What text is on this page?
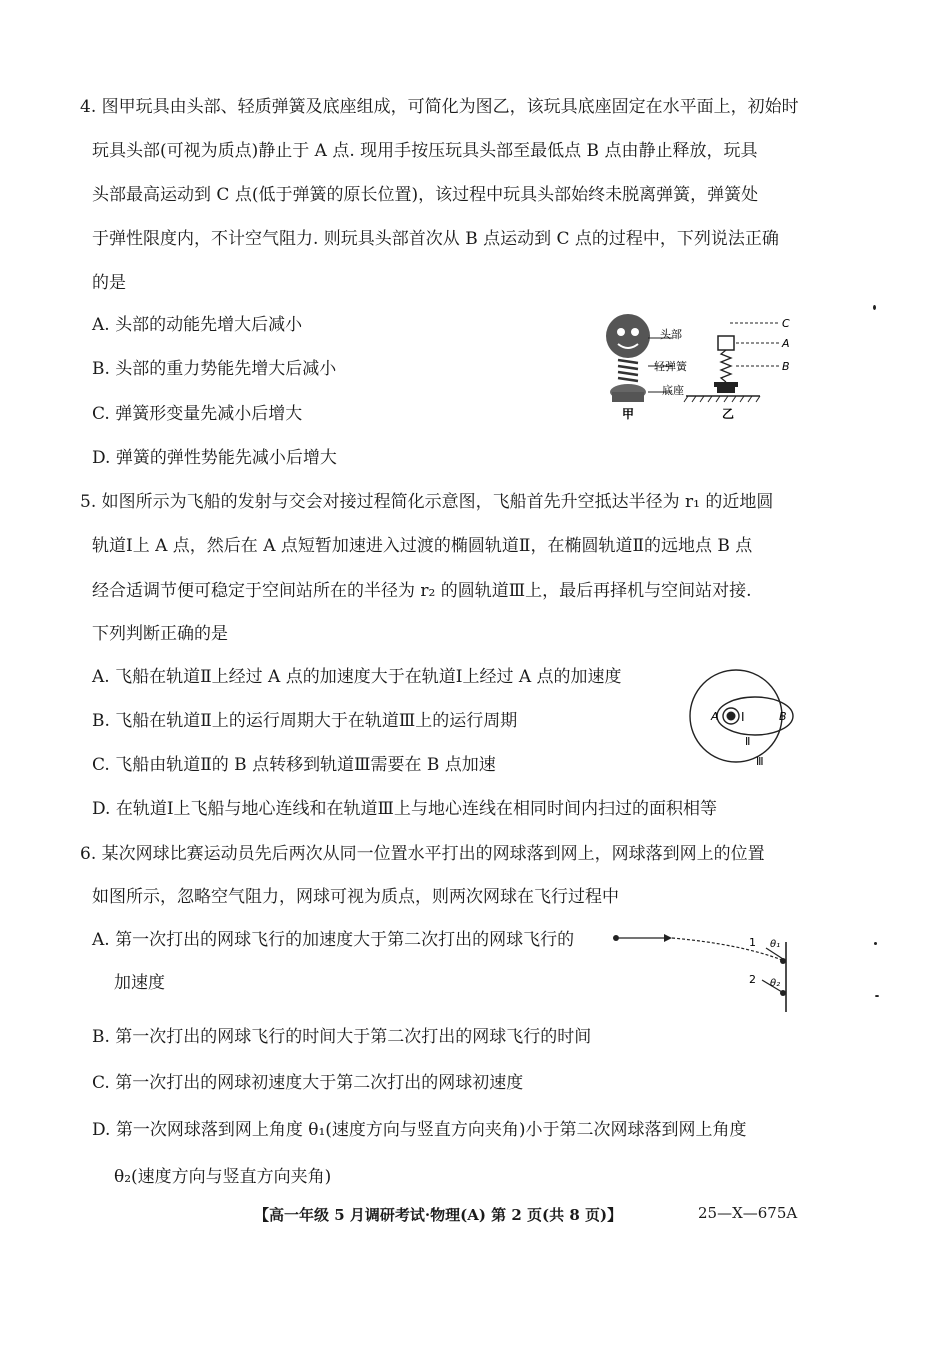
4. 图甲玩具由头部、轻质弹簧及底座组成，可简化为图乙，该玩具底座固定在水平面上，初始时
玩具头部(可视为质点)静止于 A 点. 现用手按压玩具头部至最低点 B 点由静止释放，玩具
头部最高运动到 C 点(低于弹簧的原长位置)，该过程中玩具头部始终未脱离弹簧，弹簧处
于弹性限度内，不计空气阻力. 则玩具头部首次从 B 点运动到 C 点的过程中，下列说法正确
的是
A. 头部的动能先增大后减小
B. 头部的重力势能先增大后减小
C. 弹簧形变量先减小后增大
D. 弹簧的弹性势能先减小后增大
头部
轻弹簧
底座
甲
C
A
B
乙
5. 如图所示为飞船的发射与交会对接过程简化示意图，飞船首先升空抵达半径为 r₁ 的近地圆
轨道Ⅰ上 A 点，然后在 A 点短暂加速进入过渡的椭圆轨道Ⅱ，在椭圆轨道Ⅱ的远地点 B 点
经合适调节便可稳定于空间站所在的半径为 r₂ 的圆轨道Ⅲ上，最后再择机与空间站对接.
下列判断正确的是
A. 飞船在轨道Ⅱ上经过 A 点的加速度大于在轨道Ⅰ上经过 A 点的加速度
B. 飞船在轨道Ⅱ上的运行周期大于在轨道Ⅲ上的运行周期
C. 飞船由轨道Ⅱ的 B 点转移到轨道Ⅲ需要在 B 点加速
D. 在轨道Ⅰ上飞船与地心连线和在轨道Ⅲ上与地心连线在相同时间内扫过的面积相等
A I	B
Ⅱ
Ⅲ
6. 某次网球比赛运动员先后两次从同一位置水平打出的网球落到网上，网球落到网上的位置
如图所示，忽略空气阻力，网球可视为质点，则两次网球在飞行过程中
A. 第一次打出的网球飞行的加速度大于第二次打出的网球飞行的
加速度
B. 第一次打出的网球飞行的时间大于第二次打出的网球飞行的时间
C. 第一次打出的网球初速度大于第二次打出的网球初速度
D. 第一次网球落到网上角度 θ₁(速度方向与竖直方向夹角)小于第二次网球落到网上角度
θ₂(速度方向与竖直方向夹角)
1 θ₁
2 θ₂
【高一年级 5 月调研考试·物理(A) 第 2 页(共 8 页)】	25—X—675A
